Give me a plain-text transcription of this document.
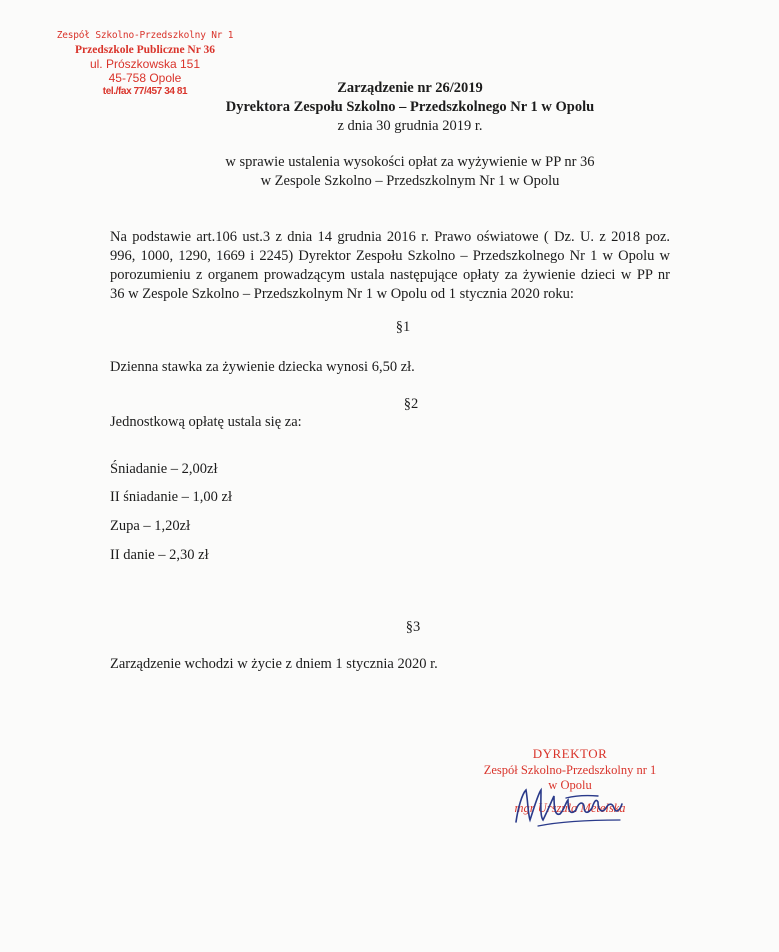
Zespół Szkolno-Przedszkolny Nr 1
Przedszkole Publiczne Nr 36
ul. Prószkowska 151
45-758 Opole
tel./fax 77/457 34 81	Zarządzenie nr 26/2019
Dyrektora Zespołu Szkolno – Przedszkolnego Nr 1 w Opolu
z dnia 30 grudnia 2019 r.
w sprawie ustalenia wysokości opłat za wyżywienie w PP nr 36
w Zespole Szkolno – Przedszkolnym Nr 1 w Opolu
Na podstawie art.106 ust.3 z dnia 14 grudnia 2016 r. Prawo oświatowe ( Dz. U. z 2018 poz.
996, 1000, 1290, 1669 i 2245) Dyrektor Zespołu Szkolno – Przedszkolnego Nr 1 w Opolu w
porozumieniu z organem prowadzącym ustala następujące opłaty za żywienie dzieci w PP nr
36 w Zespole Szkolno – Przedszkolnym Nr 1 w Opolu od 1 stycznia 2020 roku:
§1
Dzienna stawka za żywienie dziecka wynosi 6,50 zł.
§2
Jednostkową opłatę ustala się za:
Śniadanie – 2,00zł
II śniadanie – 1,00 zł
Zupa – 1,20zł
II danie – 2,30 zł
§3
Zarządzenie wchodzi w życie z dniem 1 stycznia 2020 r.
DYREKTOR
Zespół Szkolno-Przedszkolny nr 1
w Opolu
mgr Urszula Metelska
